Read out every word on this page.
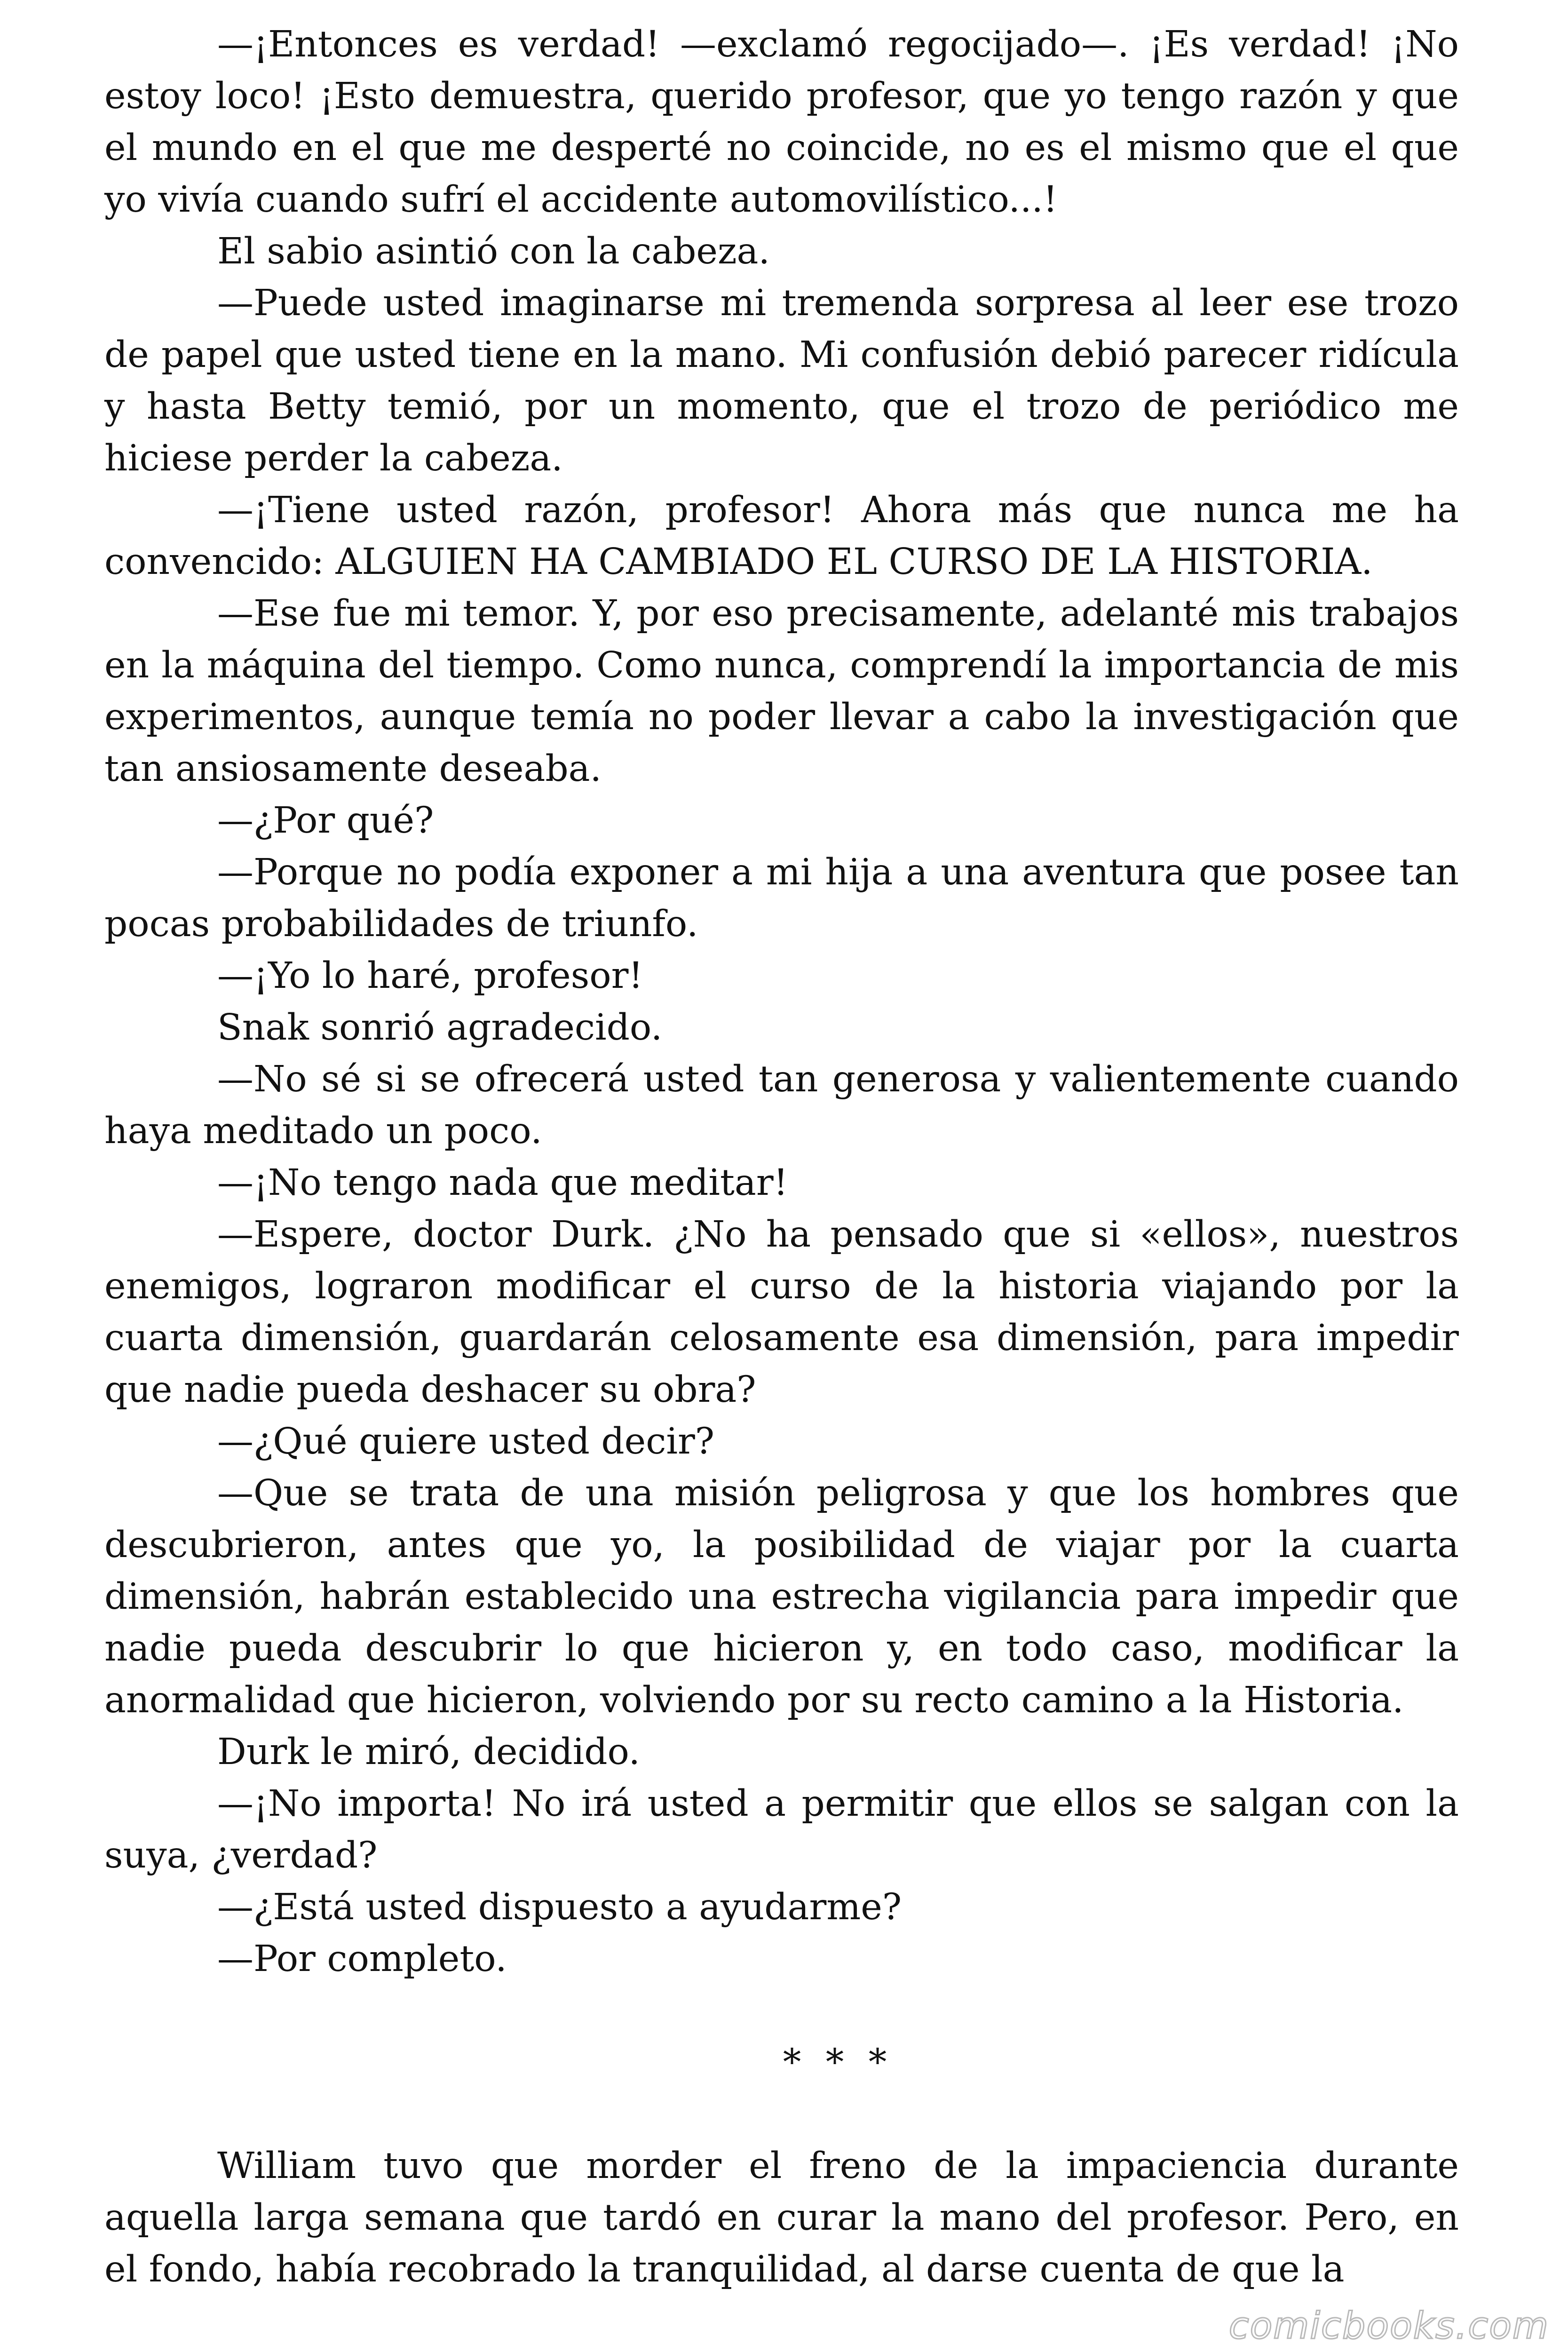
—¡Entonces es verdad! —exclamó regocijado—. ¡Es verdad! ¡No estoy loco! ¡Esto demuestra, querido profesor, que yo tengo razón y que el mundo en el que me desperté no coincide, no es el mismo que el que yo vivía cuando sufrí el accidente automovilístico...!

El sabio asintió con la cabeza.

—Puede usted imaginarse mi tremenda sorpresa al leer ese trozo de papel que usted tiene en la mano. Mi confusión debió parecer ridícula y hasta Betty temió, por un momento, que el trozo de periódico me hiciese perder la cabeza.

—¡Tiene usted razón, profesor! Ahora más que nunca me ha convencido: ALGUIEN HA CAMBIADO EL CURSO DE LA HISTORIA.

—Ese fue mi temor. Y, por eso precisamente, adelanté mis trabajos en la máquina del tiempo. Como nunca, comprendí la importancia de mis experimentos, aunque temía no poder llevar a cabo la investigación que tan ansiosamente deseaba.

—¿Por qué?

—Porque no podía exponer a mi hija a una aventura que posee tan pocas probabilidades de triunfo.

—¡Yo lo haré, profesor!

Snak sonrió agradecido.

—No sé si se ofrecerá usted tan generosa y valientemente cuando haya meditado un poco.

—¡No tengo nada que meditar!

—Espere, doctor Durk. ¿No ha pensado que si «ellos», nuestros enemigos, lograron modificar el curso de la historia viajando por la cuarta dimensión, guardarán celosamente esa dimensión, para impedir que nadie pueda deshacer su obra?

—¿Qué quiere usted decir?

—Que se trata de una misión peligrosa y que los hombres que descubrieron, antes que yo, la posibilidad de viajar por la cuarta dimensión, habrán establecido una estrecha vigilancia para impedir que nadie pueda descubrir lo que hicieron y, en todo caso, modificar la anormalidad que hicieron, volviendo por su recto camino a la Historia.

Durk le miró, decidido.

—¡No importa! No irá usted a permitir que ellos se salgan con la suya, ¿verdad?

—¿Está usted dispuesto a ayudarme?

—Por completo.

* * *

William tuvo que morder el freno de la impaciencia durante aquella larga semana que tardó en curar la mano del profesor. Pero, en el fondo, había recobrado la tranquilidad, al darse cuenta de que la

comicbooks.com
